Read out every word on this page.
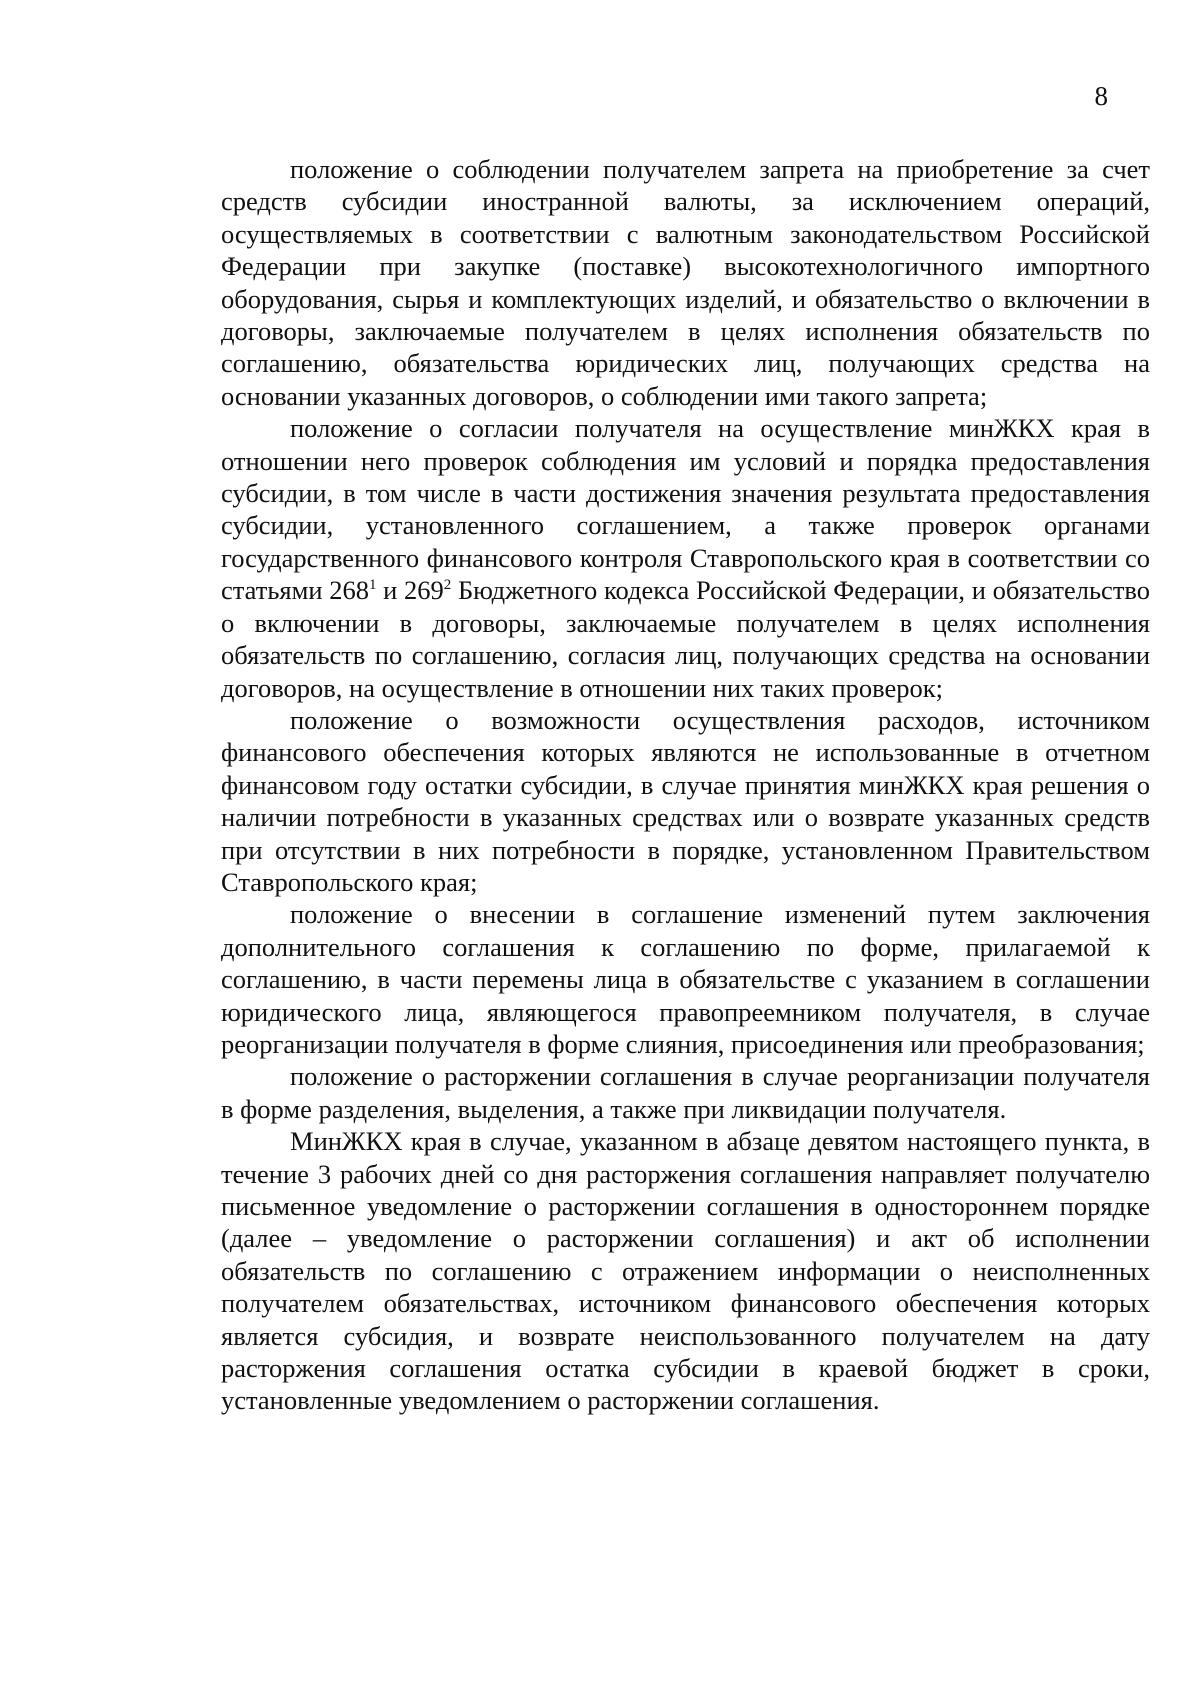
8

положение о соблюдении получателем запрета на приобретение за счет средств субсидии иностранной валюты, за исключением операций, осуществляемых в соответствии с валютным законодательством Российской Федерации при закупке (поставке) высокотехнологичного импортного оборудования, сырья и комплектующих изделий, и обязательство о включении в договоры, заключаемые получателем в целях исполнения обязательств по соглашению, обязательства юридических лиц, получающих средства на основании указанных договоров, о соблюдении ими такого запрета;

положение о согласии получателя на осуществление минЖКХ края в отношении него проверок соблюдения им условий и порядка предоставления субсидии, в том числе в части достижения значения результата предоставления субсидии, установленного соглашением, а также проверок органами государственного финансового контроля Ставропольского края в соответствии со статьями $268^1$ и $269^2$ Бюджетного кодекса Российской Федерации, и обязательство о включении в договоры, заключаемые получателем в целях исполнения обязательств по соглашению, согласия лиц, получающих средства на основании договоров, на осуществление в отношении них таких проверок;

положение о возможности осуществления расходов, источником финансового обеспечения которых являются не использованные в отчетном финансовом году остатки субсидии, в случае принятия минЖКХ края решения о наличии потребности в указанных средствах или о возврате указанных средств при отсутствии в них потребности в порядке, установленном Правительством Ставропольского края;

положение о внесении в соглашение изменений путем заключения дополнительного соглашения к соглашению по форме, прилагаемой к соглашению, в части перемены лица в обязательстве с указанием в соглашении юридического лица, являющегося правопреемником получателя, в случае реорганизации получателя в форме слияния, присоединения или преобразования;

положение о расторжении соглашения в случае реорганизации получателя в форме разделения, выделения, а также при ликвидации получателя.

МинЖКХ края в случае, указанном в абзаце девятом настоящего пункта, в течение 3 рабочих дней со дня расторжения соглашения направляет получателю письменное уведомление о расторжении соглашения в одностороннем порядке (далее – уведомление о расторжении соглашения) и акт об исполнении обязательств по соглашению с отражением информации о неисполненных получателем обязательствах, источником финансового обеспечения которых является субсидия, и возврате неиспользованного получателем на дату расторжения соглашения остатка субсидии в краевой бюджет в сроки, установленные уведомлением о расторжении соглашения.
